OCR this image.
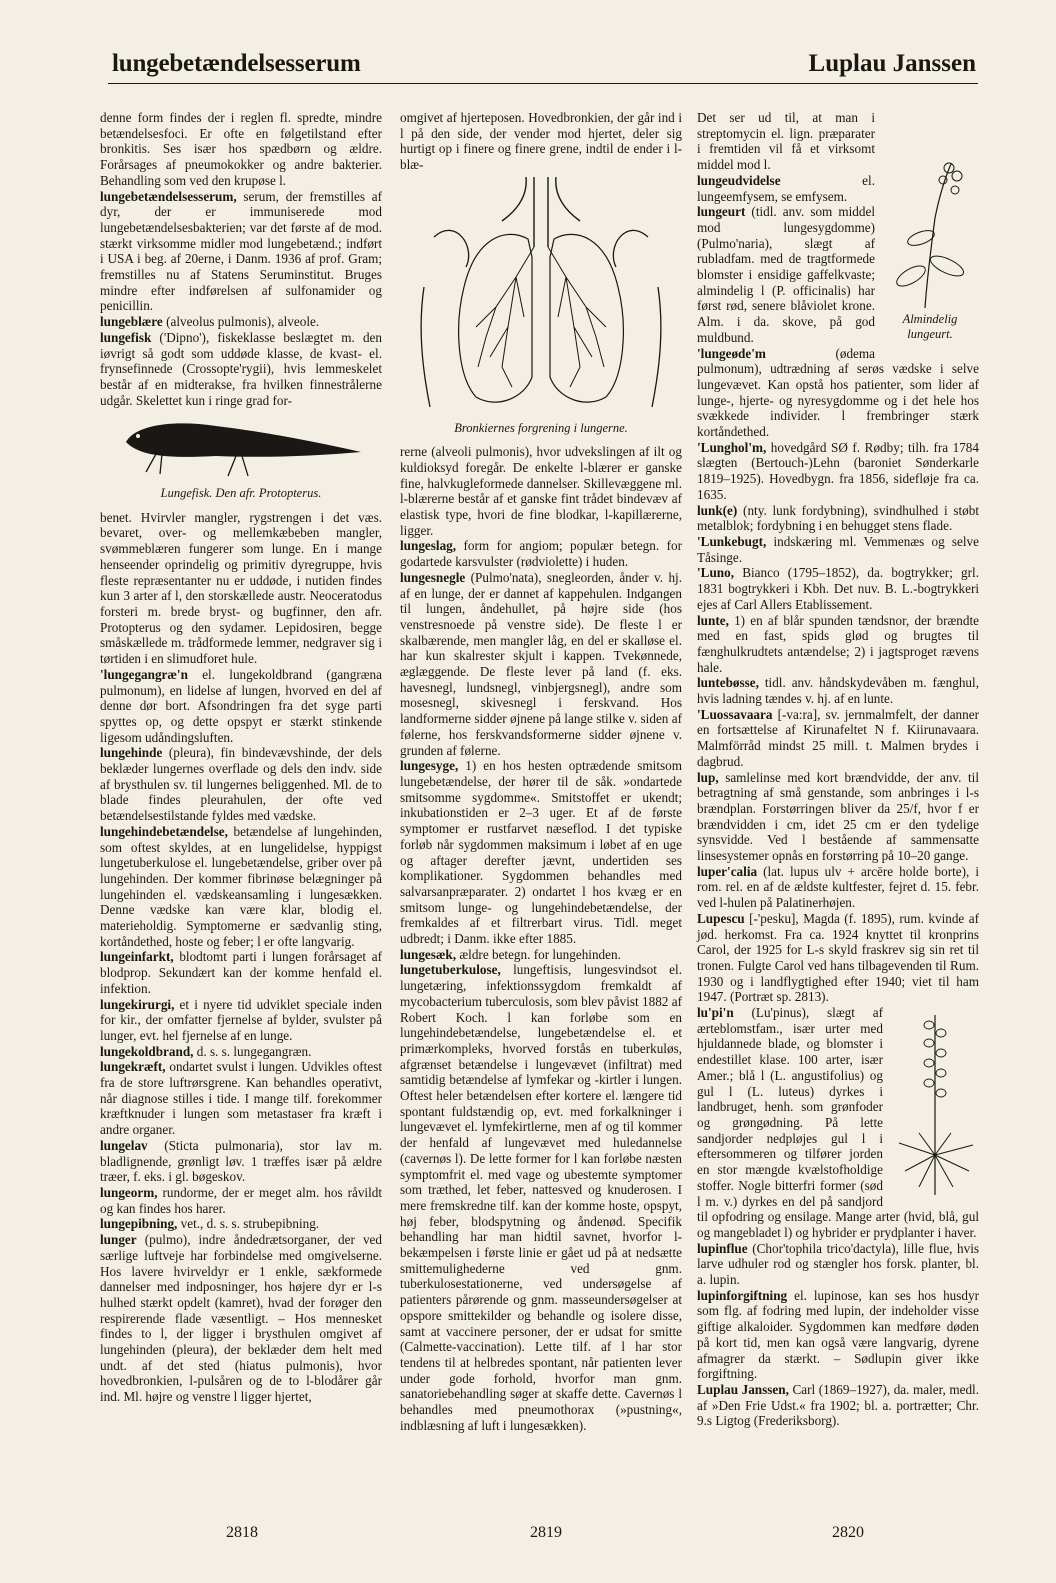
lungebetændelsesserum	Luplau Janssen

denne form findes der i reglen fl. spredte, mindre betændelsesfoci. Er ofte en følgetilstand efter bronkitis. Ses især hos spædbørn og ældre. Forårsages af pneumokokker og andre bakterier. Behandling som ved den krupøse l.

lungebetændelsesserum, serum, der fremstilles af dyr, der er immuniserede mod lungebetændelsesbakterien; var det første af de mod. stærkt virksomme midler mod lungebetænd.; indført i USA i beg. af 20erne, i Danm. 1936 af prof. Gram; fremstilles nu af Statens Seruminstitut. Bruges mindre efter indførelsen af sulfonamider og penicillin.

lungeblære (alveolus pulmonis), alveole.

lungefisk ('Dipno'), fiskeklasse beslægtet m. den iøvrigt så godt som uddøde klasse, de kvast- el. frynsefinnede (Crossopte'rygii), hvis lemmeskelet består af en midterakse, fra hvilken finnestrålerne udgår. Skelettet kun i ringe grad for-

Lungefisk. Den afr. Protopterus.

benet. Hvirvler mangler, rygstrengen i det væs. bevaret, over- og mellemkæbeben mangler, svømmeblæren fungerer som lunge. En i mange henseender oprindelig og primitiv dyregruppe, hvis fleste repræsentanter nu er uddøde, i nutiden findes kun 3 arter af l, den storskællede austr. Neoceratodus forsteri m. brede bryst- og bugfinner, den afr. Protopterus og den sydamer. Lepidosiren, begge småskællede m. trådformede lemmer, nedgraver sig i tørtiden i en slimudforet hule.

'lungegangræ'n el. lungekoldbrand (gangræna pulmonum), en lidelse af lungen, hvorved en del af denne dør bort. Afsondringen fra det syge parti spyttes op, og dette opspyt er stærkt stinkende ligesom udåndingsluften.

lungehinde (pleura), fin bindevævshinde, der dels beklæder lungernes overflade og dels den indv. side af brysthulen sv. til lungernes beliggenhed. Ml. de to blade findes pleurahulen, der ofte ved betændelsestilstande fyldes med vædske.

lungehindebetændelse, betændelse af lungehinden, som oftest skyldes, at en lungelidelse, hyppigst lungetuberkulose el. lungebetændelse, griber over på lungehinden. Der kommer fibrinøse belægninger på lungehinden el. vædskeansamling i lungesækken. Denne vædske kan være klar, blodig el. materieholdig. Symptomerne er sædvanlig sting, kortåndethed, hoste og feber; l er ofte langvarig.

lungeinfarkt, blodtomt parti i lungen forårsaget af blodprop. Sekundært kan der komme henfald el. infektion.

lungekirurgi, et i nyere tid udviklet speciale inden for kir., der omfatter fjernelse af bylder, svulster på lunger, evt. hel fjernelse af en lunge.

lungekoldbrand, d. s. s. lungegangræn.

lungekræft, ondartet svulst i lungen. Udvikles oftest fra de store luftrørsgrene. Kan behandles operativt, når diagnose stilles i tide. I mange tilf. forekommer kræftknuder i lungen som metastaser fra kræft i andre organer.

lungelav (Sticta pulmonaria), stor lav m. bladlignende, grønligt løv. 1 træffes især på ældre træer, f. eks. i gl. bøgeskov.

lungeorm, rundorme, der er meget alm. hos råvildt og kan findes hos harer.

lungepibning, vet., d. s. s. strubepibning.

lunger (pulmo), indre åndedrætsorganer, der ved særlige luftveje har forbindelse med omgivelserne. Hos lavere hvirveldyr er 1 enkle, sækformede dannelser med indposninger, hos højere dyr er l-s hulhed stærkt opdelt (kamret), hvad der forøger den respirerende flade væsentligt. – Hos mennesket findes to l, der ligger i brysthulen omgivet af lungehinden (pleura), der beklæder dem helt med undt. af det sted (hiatus pulmonis), hvor hovedbronkien, l-pulsåren og de to l-blodårer går ind. Ml. højre og venstre l ligger hjertet,

omgivet af hjerteposen. Hovedbronkien, der går ind i l på den side, der vender mod hjertet, deler sig hurtigt op i finere og finere grene, indtil de ender i l-blæ-

Bronkiernes forgrening i lungerne.

rerne (alveoli pulmonis), hvor udvekslingen af ilt og kuldioksyd foregår. De enkelte l-blærer er ganske fine, halvkugleformede dannelser. Skillevæggene ml. l-blærerne består af et ganske fint trådet bindevæv af elastisk type, hvori de fine blodkar, l-kapillærerne, ligger.

lungeslag, form for angiom; populær betegn. for godartede karsvulster (rødviolette) i huden.

lungesnegle (Pulmo'nata), snegleorden, ånder v. hj. af en lunge, der er dannet af kappehulen. Indgangen til lungen, åndehullet, på højre side (hos venstresnoede på venstre side). De fleste l er skalbærende, men mangler låg, en del er skalløse el. har kun skalrester skjult i kappen. Tvekønnede, æglæggende. De fleste lever på land (f. eks. havesnegl, lundsnegl, vinbjergsnegl), andre som mosesnegl, skivesnegl i ferskvand. Hos landformerne sidder øjnene på lange stilke v. siden af følerne, hos ferskvandsformerne sidder øjnene v. grunden af følerne.

lungesyge, 1) en hos hesten optrædende smitsom lungebetændelse, der hører til de såk. »ondartede smitsomme sygdomme«. Smitstoffet er ukendt; inkubationstiden er 2–3 uger. Et af de første symptomer er rustfarvet næseflod. I det typiske forløb når sygdommen maksimum i løbet af en uge og aftager derefter jævnt, undertiden ses komplikationer. Sygdommen behandles med salvarsanpræparater. 2) ondartet l hos kvæg er en smitsom lunge- og lungehindebetændelse, der fremkaldes af et filtrerbart virus. Tidl. meget udbredt; i Danm. ikke efter 1885.

lungesæk, ældre betegn. for lungehinden.

lungetuberkulose, lungeftisis, lungesvindsot el. lungetæring, infektionssygdom fremkaldt af mycobacterium tuberculosis, som blev påvist 1882 af Robert Koch. l kan forløbe som en lungehindebetændelse, lungebetændelse el. et primærkompleks, hvorved forstås en tuberkuløs, afgrænset betændelse i lungevævet (infiltrat) med samtidig betændelse af lymfekar og -kirtler i lungen. Oftest heler betændelsen efter kortere el. længere tid spontant fuldstændig op, evt. med forkalkninger i lungevævet el. lymfekirtlerne, men af og til kommer der henfald af lungevævet med huledannelse (cavernøs l). De lette former for l kan forløbe næsten symptomfrit el. med vage og ubestemte symptomer som træthed, let feber, nattesved og knuderosen. I mere fremskredne tilf. kan der komme hoste, opspyt, høj feber, blodspytning og åndenød. Specifik behandling har man hidtil savnet, hvorfor l-bekæmpelsen i første linie er gået ud på at nedsætte smittemulighederne ved gnm. tuberkulosestationerne, ved undersøgelse af patienters pårørende og gnm. masseundersøgelser at opspore smittekilder og behandle og isolere disse, samt at vaccinere personer, der er udsat for smitte (Calmette-vaccination). Lette tilf. af l har stor tendens til at helbredes spontant, når patienten lever under gode forhold, hvorfor man gnm. sanatoriebehandling søger at skaffe dette. Cavernøs l behandles med pneumothorax (»pustning«, indblæsning af luft i lungesækken).

Almindelig lungeurt.

Det ser ud til, at man i streptomycin el. lign. præparater i fremtiden vil få et virksomt middel mod l.

lungeudvidelse el. lungeemfysem, se emfysem.

lungeurt (tidl. anv. som middel mod lungesygdomme) (Pulmo'naria), slægt af rubladfam. med de tragtformede blomster i ensidige gaffelkvaste; almindelig l (P. officinalis) har først rød, senere blåviolet krone. Alm. i da. skove, på god muldbund.

'lungeøde'm (ødema pulmonum), udtrædning af serøs vædske i selve lungevævet. Kan opstå hos patienter, som lider af lunge-, hjerte- og nyresygdomme og i det hele hos svækkede individer. l frembringer stærk kortåndethed.

'Lunghol'm, hovedgård SØ f. Rødby; tilh. fra 1784 slægten (Bertouch-)Lehn (baroniet Sønderkarle 1819–1925). Hovedbygn. fra 1856, sidefløje fra ca. 1635.

lunk(e) (nty. lunk fordybning), svindhulhed i støbt metalblok; fordybning i en behugget stens flade.

'Lunkebugt, indskæring ml. Vemmenæs og selve Tåsinge.

'Luno, Bianco (1795–1852), da. bogtrykker; grl. 1831 bogtrykkeri i Kbh. Det nuv. B. L.-bogtrykkeri ejes af Carl Allers Etablissement.

lunte, 1) en af blår spunden tændsnor, der brændte med en fast, spids glød og brugtes til fænghulkrudtets antændelse; 2) i jagtsproget rævens hale.

luntebøsse, tidl. anv. håndskydevåben m. fænghul, hvis ladning tændes v. hj. af en lunte.

'Luossavaara [-va:ra], sv. jernmalmfelt, der danner en fortsættelse af Kirunafeltet N f. Kiirunavaara. Malmförråd mindst 25 mill. t. Malmen brydes i dagbrud.

lup, samlelinse med kort brændvidde, der anv. til betragtning af små genstande, som anbringes i l-s brændplan. Forstørringen bliver da 25/f, hvor f er brændvidden i cm, idet 25 cm er den tydelige synsvidde. Ved l bestående af sammensatte linsesystemer opnås en forstørring på 10–20 gange.

luper'calia (lat. lupus ulv + arcēre holde borte), i rom. rel. en af de ældste kultfester, fejret d. 15. febr. ved l-hulen på Palatinerhøjen.

Lupescu [-'pesku], Magda (f. 1895), rum. kvinde af jød. herkomst. Fra ca. 1924 knyttet til kronprins Carol, der 1925 for L-s skyld fraskrev sig sin ret til tronen. Fulgte Carol ved hans tilbagevenden til Rum. 1930 og i landflygtighed efter 1940; viet til ham 1947. (Portræt sp. 2813).

lu'pi'n (Lu'pinus), slægt af ærteblomstfam., især urter med hjuldannede blade, og blomster i endestillet klase. 100 arter, især Amer.; blå l (L. angustifolius) og gul l (L. luteus) dyrkes i landbruget, henh. som grønfoder og grøngødning. På lette sandjorder nedpløjes gul l i eftersommeren og tilfører jorden en stor mængde kvælstofholdige stoffer. Nogle bitterfri former (sød l m. v.) dyrkes en del på sandjord til opfodring og ensilage. Mange arter (hvid, blå, gul og mangebladet l) og hybrider er prydplanter i haver.

lupinflue (Chor'tophila trico'dactyla), lille flue, hvis larve udhuler rod og stængler hos forsk. planter, bl. a. lupin.

lupinforgiftning el. lupinose, kan ses hos husdyr som flg. af fodring med lupin, der indeholder visse giftige alkaloider. Sygdommen kan medføre døden på kort tid, men kan også være langvarig, dyrene afmagrer da stærkt. – Sødlupin giver ikke forgiftning.

Luplau Janssen, Carl (1869–1927), da. maler, medl. af »Den Frie Udst.« fra 1902; bl. a. portrætter; Chr. 9.s Ligtog (Frederiksborg).

2818	2819	2820
